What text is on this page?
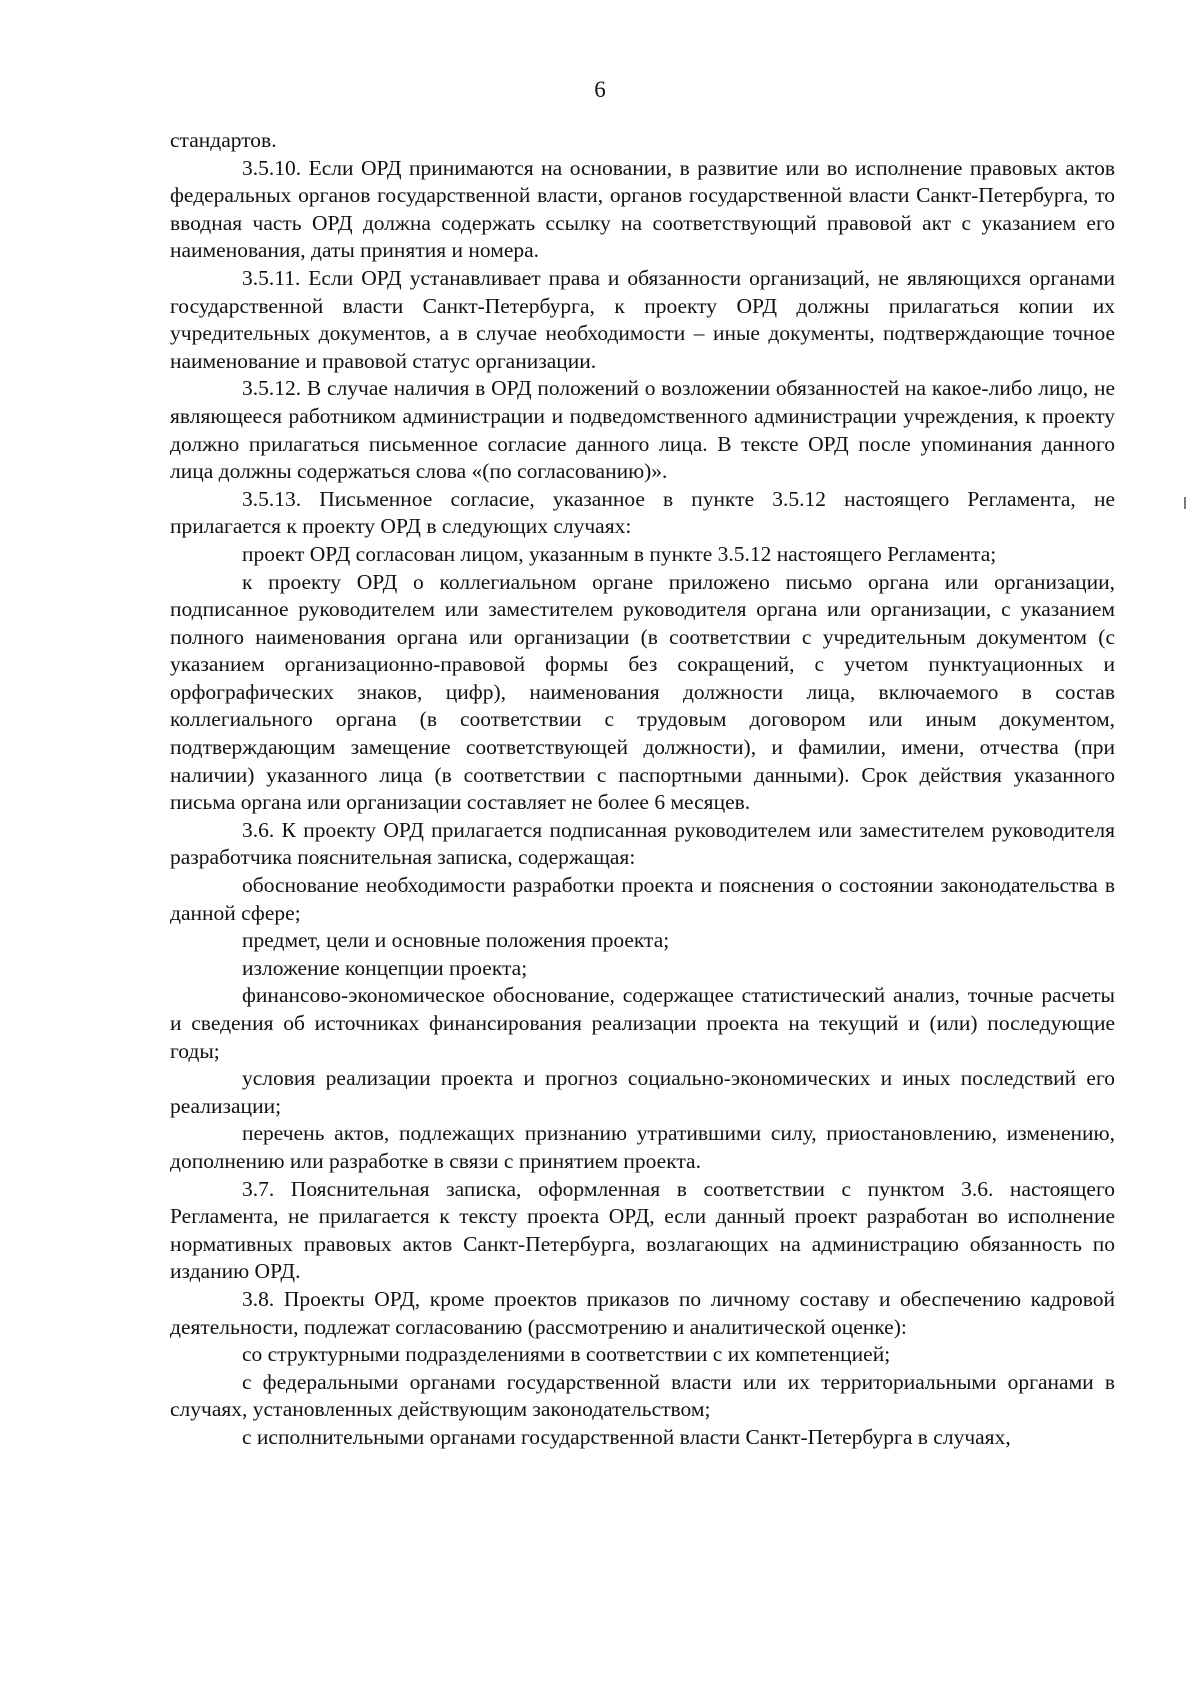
6

стандартов.

3.5.10. Если ОРД принимаются на основании, в развитие или во исполнение правовых актов федеральных органов государственной власти, органов государственной власти Санкт-Петербурга, то вводная часть ОРД должна содержать ссылку на соответствующий правовой акт с указанием его наименования, даты принятия и номера.

3.5.11. Если ОРД устанавливает права и обязанности организаций, не являющихся органами государственной власти Санкт-Петербурга, к проекту ОРД должны прилагаться копии их учредительных документов, а в случае необходимости – иные документы, подтверждающие точное наименование и правовой статус организации.

3.5.12. В случае наличия в ОРД положений о возложении обязанностей на какое-либо лицо, не являющееся работником администрации и подведомственного администрации учреждения, к проекту должно прилагаться письменное согласие данного лица. В тексте ОРД после упоминания данного лица должны содержаться слова «(по согласованию)».

3.5.13. Письменное согласие, указанное в пункте 3.5.12 настоящего Регламента, не прилагается к проекту ОРД в следующих случаях:

проект ОРД согласован лицом, указанным в пункте 3.5.12 настоящего Регламента;

к проекту ОРД о коллегиальном органе приложено письмо органа или организации, подписанное руководителем или заместителем руководителя органа или организации, с указанием полного наименования органа или организации (в соответствии с учредительным документом (с указанием организационно-правовой формы без сокращений, с учетом пунктуационных и орфографических знаков, цифр), наименования должности лица, включаемого в состав коллегиального органа (в соответствии с трудовым договором или иным документом, подтверждающим замещение соответствующей должности), и фамилии, имени, отчества (при наличии) указанного лица (в соответствии с паспортными данными). Срок действия указанного письма органа или организации составляет не более 6 месяцев.

3.6. К проекту ОРД прилагается подписанная руководителем или заместителем руководителя разработчика пояснительная записка, содержащая:

обоснование необходимости разработки проекта и пояснения о состоянии законодательства в данной сфере;

предмет, цели и основные положения проекта;

изложение концепции проекта;

финансово-экономическое обоснование, содержащее статистический анализ, точные расчеты и сведения об источниках финансирования реализации проекта на текущий и (или) последующие годы;

условия реализации проекта и прогноз социально-экономических и иных последствий его реализации;

перечень актов, подлежащих признанию утратившими силу, приостановлению, изменению, дополнению или разработке в связи с принятием проекта.

3.7. Пояснительная записка, оформленная в соответствии с пунктом 3.6. настоящего Регламента, не прилагается к тексту проекта ОРД, если данный проект разработан во исполнение нормативных правовых актов Санкт-Петербурга, возлагающих на администрацию обязанность по изданию ОРД.

3.8. Проекты ОРД, кроме проектов приказов по личному составу и обеспечению кадровой деятельности, подлежат согласованию (рассмотрению и аналитической оценке):

со структурными подразделениями в соответствии с их компетенцией;

с федеральными органами государственной власти или их территориальными органами в случаях, установленных действующим законодательством;

с исполнительными органами государственной власти Санкт-Петербурга в случаях,
